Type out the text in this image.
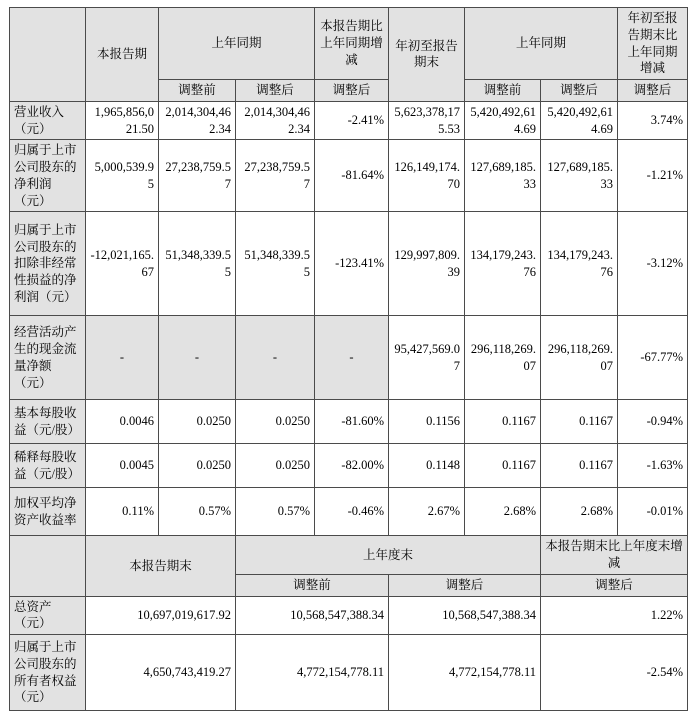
	本报告期	上年同期		本报告期比上年同期增减	年初至报告期末	上年同期		年初至报告期末比上年同期增减
		调整前	调整后	调整后		调整前	调整后	调整后
营业收入（元）	1,965,856,021.50	2,014,304,462.34	2,014,304,462.34	-2.41%	5,623,378,175.53	5,420,492,614.69	5,420,492,614.69	3.74%
归属于上市公司股东的净利润（元）	5,000,539.95	27,238,759.57	27,238,759.57	-81.64%	126,149,174.70	127,689,185.33	127,689,185.33	-1.21%
归属于上市公司股东的扣除非经常性损益的净利润（元）	-12,021,165.67	51,348,339.55	51,348,339.55	-123.41%	129,997,809.39	134,179,243.76	134,179,243.76	-3.12%
经营活动产生的现金流量净额（元）	-	-	-	-	95,427,569.07	296,118,269.07	296,118,269.07	-67.77%
基本每股收益（元/股）	0.0046	0.0250	0.0250	-81.60%	0.1156	0.1167	0.1167	-0.94%
稀释每股收益（元/股）	0.0045	0.0250	0.0250	-82.00%	0.1148	0.1167	0.1167	-1.63%
加权平均净资产收益率	0.11%	0.57%	0.57%	-0.46%	2.67%	2.68%	2.68%	-0.01%
	本报告期末		上年度末				本报告期末比上年度末增减	
			调整前		调整后		调整后	
总资产（元）	10,697,019,617.92		10,568,547,388.34		10,568,547,388.34		1.22%	
归属于上市公司股东的所有者权益（元）	4,650,743,419.27		4,772,154,778.11		4,772,154,778.11		-2.54%	
